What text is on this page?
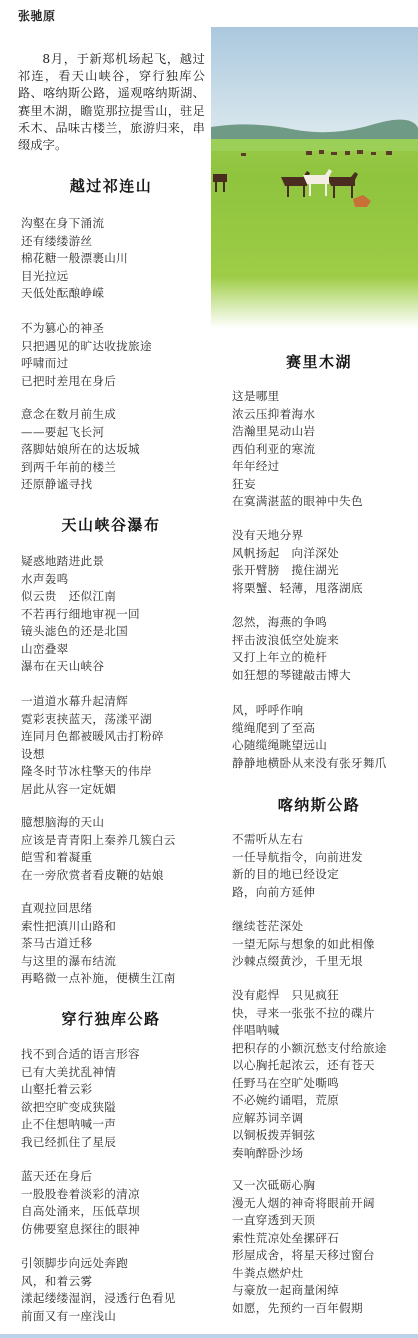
张驰原

8月，于新郑机场起飞，越过祁连，看天山峡谷，穿行独库公路、喀纳斯公路，遥观喀纳斯湖、赛里木湖，瞻览那拉提雪山，驻足禾木、品味古楼兰，旅游归来，串缀成字。

越过祁连山
沟壑在身下涌流
还有缕缕游丝
棉花糖一般漂裹山川
目光拉远
天低处酝酿峥嵘
不为篡心的神圣
只把遇见的旷达收拢旅途
呼啸而过
已把时差甩在身后
意念在数月前生成
——要起飞长河
落脚姑娘所在的达坂城
到两千年前的楼兰
还原静谧寻找
天山峡谷瀑布
疑惑地踏进此景
水声轰鸣
似云贵　还似江南
不若再行细地审视一回
镜头滤色的还是北国
山峦叠翠
瀑布在天山峡谷
一道道水幕升起清辉
霓彩衷挟蓝天，荡漾平湖
连同月色都被暖风击打粉碎
设想
隆冬时节冰柱擎天的伟岸
居此从容一定妩媚
臆想脑海的天山
应该是青青阳上秦养几簇白云
皑雪和着凝重
在一旁欣赏者看皮鞭的姑娘
直观拉回思绪
索性把滇川山路和
茶马古道迁移
与这里的瀑布结流
再略微一点补施，便横生江南
穿行独库公路
找不到合适的语言形容
已有大美扰乱神情
山壑托着云彩
欲把空旷变成狭隘
止不住想呐喊一声
我已经抓住了星辰
蓝天还在身后
一股股卷着淡彩的清凉
自高处涌来，压低草坝
仿佛要窒息探往的眼神
引领脚步向远处奔跑
风，和着云雾
漾起缕缕湿润，浸透行色看见
前面又有一座浅山
赛里木湖
这是哪里
浓云压抑着海水
浩瀚里晃动山岩
西伯利亚的寒流
年年经过
狂妄
在寞满湛蓝的眼神中失色
没有天地分界
风帆扬起　向洋深处
张开臂膀　揽住湖光
将栗蟹、轻薄，甩落湖底
忽然，海燕的争鸣
抨击波浪低空处旋来
又打上年立的桅杆
如狂想的琴键敲击博大
风，呼呼作响
缆绳爬到了至高
心随缆绳眺望远山
静静地横卧从来没有张牙舞爪
喀纳斯公路
不需听从左右
一任导航指令，向前进发
新的目的地已经设定
路，向前方延伸
继续苍茫深处
一望无际与想象的如此相像
沙棘点缀黄沙，千里无垠
没有彪悍　只见疯狂
快，寻来一张张不拉的碟片
伴唱呐喊
把积存的小额沉愁支付给旅途
以心胸托起浓云，还有苍天
任野马在空旷处嘶鸣
不必婉约诵唱，荒原
应解苏词辛调
以铜板拨弄铜弦
奏响醉卧沙场
又一次砥砺心胸
漫无人烟的神奇将眼前开阔
一直穿透到天顶
索性荒凉处垒摞砰石
形屋成舍，将星天移过窗台
牛粪点燃炉灶
与豪放一起商量闲绰
如愿，先预约一百年假期
